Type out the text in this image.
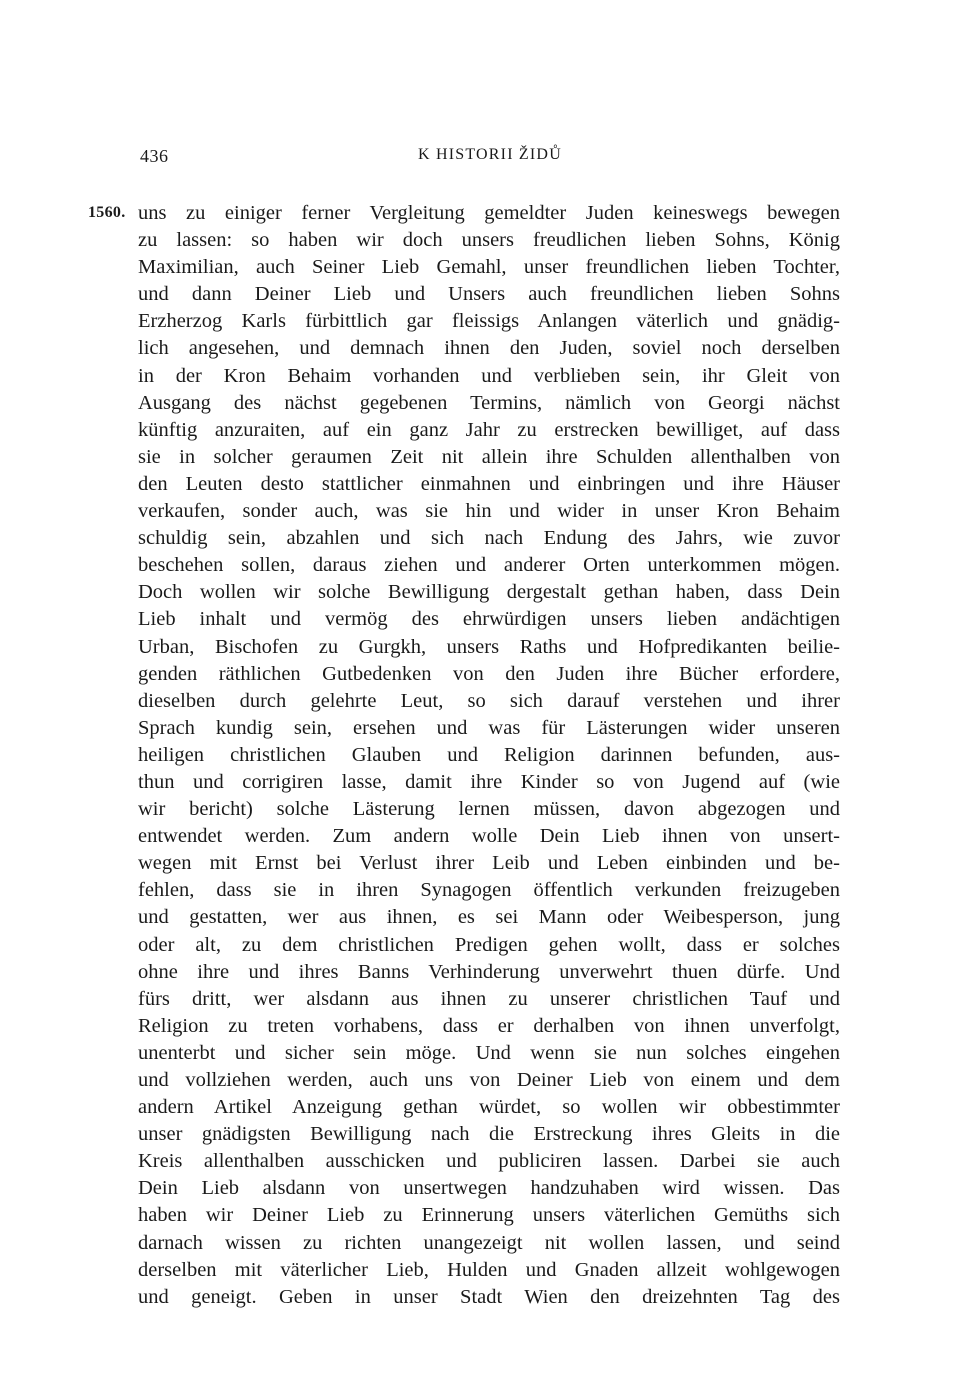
436	K HISTORII ŽIDŮ
1560. uns zu einiger ferner Vergleitung gemeldter Juden keineswegs bewegen
zu lassen: so haben wir doch unsers freudlichen lieben Sohns, König
Maximilian, auch Seiner Lieb Gemahl, unser freundlichen lieben Tochter,
und dann Deiner Lieb und Unsers auch freundlichen lieben Sohns
Erzherzog Karls fürbittlich gar fleissigs Anlangen väterlich und gnädig-
lich angesehen, und demnach ihnen den Juden, soviel noch derselben
in der Kron Behaim vorhanden und verblieben sein, ihr Gleit von
Ausgang des nächst gegebenen Termins, nämlich von Georgi nächst
künftig anzuraiten, auf ein ganz Jahr zu erstrecken bewilliget, auf dass
sie in solcher geraumen Zeit nit allein ihre Schulden allenthalben von
den Leuten desto stattlicher einmahnen und einbringen und ihre Häuser
verkaufen, sonder auch, was sie hin und wider in unser Kron Behaim
schuldig sein, abzahlen und sich nach Endung des Jahrs, wie zuvor
beschehen sollen, daraus ziehen und anderer Orten unterkommen mögen.
Doch wollen wir solche Bewilligung dergestalt gethan haben, dass Dein
Lieb inhalt und vermög des ehrwürdigen unsers lieben andächtigen
Urban, Bischofen zu Gurgkh, unsers Raths und Hofpredikanten beilie-
genden räthlichen Gutbedenken von den Juden ihre Bücher erfordere,
dieselben durch gelehrte Leut, so sich darauf verstehen und ihrer
Sprach kundig sein, ersehen und was für Lästerungen wider unseren
heiligen christlichen Glauben und Religion darinnen befunden, aus-
thun und corrigiren lasse, damit ihre Kinder so von Jugend auf (wie
wir bericht) solche Lästerung lernen müssen, davon abgezogen und
entwendet werden. Zum andern wolle Dein Lieb ihnen von unsert-
wegen mit Ernst bei Verlust ihrer Leib und Leben einbinden und be-
fehlen, dass sie in ihren Synagogen öffentlich verkunden freizugeben
und gestatten, wer aus ihnen, es sei Mann oder Weibesperson, jung
oder alt, zu dem christlichen Predigen gehen wollt, dass er solches
ohne ihre und ihres Banns Verhinderung unverwehrt thuen dürfe. Und
fürs dritt, wer alsdann aus ihnen zu unserer christlichen Tauf und
Religion zu treten vorhabens, dass er derhalben von ihnen unverfolgt,
unenterbt und sicher sein möge. Und wenn sie nun solches eingehen
und vollziehen werden, auch uns von Deiner Lieb von einem und dem
andern Artikel Anzeigung gethan würdet, so wollen wir obbestimmter
unser gnädigsten Bewilligung nach die Erstreckung ihres Gleits in die
Kreis allenthalben ausschicken und publiciren lassen. Darbei sie auch
Dein Lieb alsdann von unsertwegen handzuhaben wird wissen. Das
haben wir Deiner Lieb zu Erinnerung unsers väterlichen Gemüths sich
darnach wissen zu richten unangezeigt nit wollen lassen, und seind
derselben mit väterlicher Lieb, Hulden und Gnaden allzeit wohlgewogen
und geneigt. Geben in unser Stadt Wien den dreizehnten Tag des
